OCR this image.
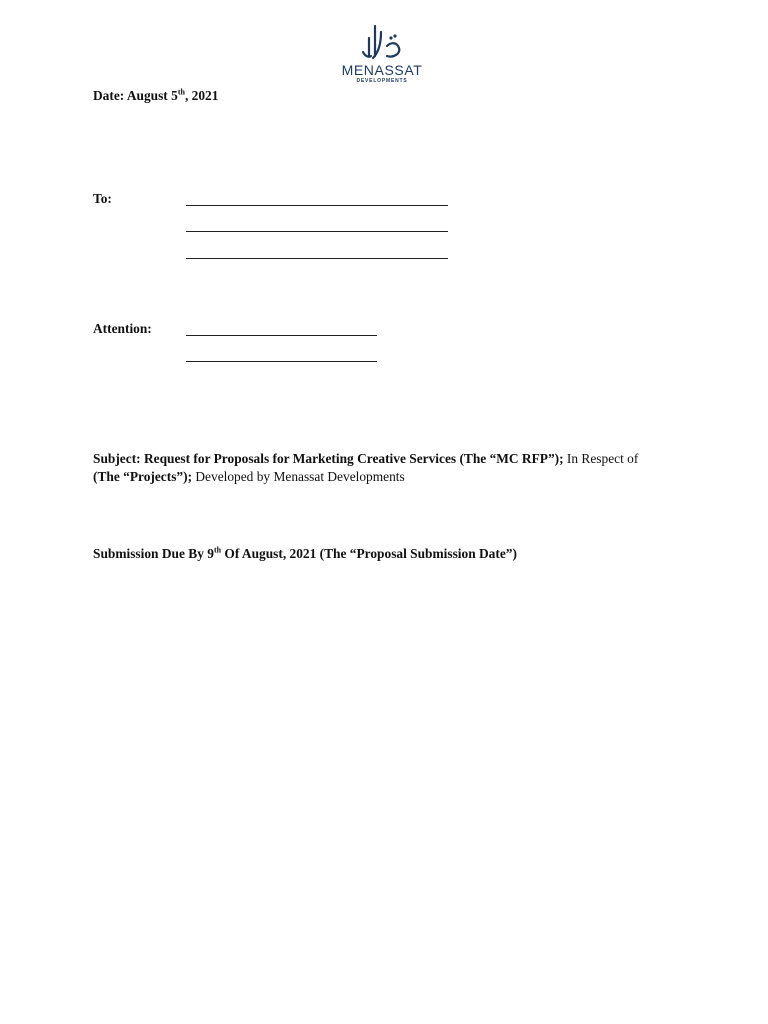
MENASSAT
DEVELOPMENTS
Date: August 5th, 2021
To:
Attention:
Subject: Request for Proposals for Marketing Creative Services (The “MC RFP”); In Respect of
(The “Projects”); Developed by Menassat Developments
Submission Due By 9th Of August, 2021 (The “Proposal Submission Date”)
